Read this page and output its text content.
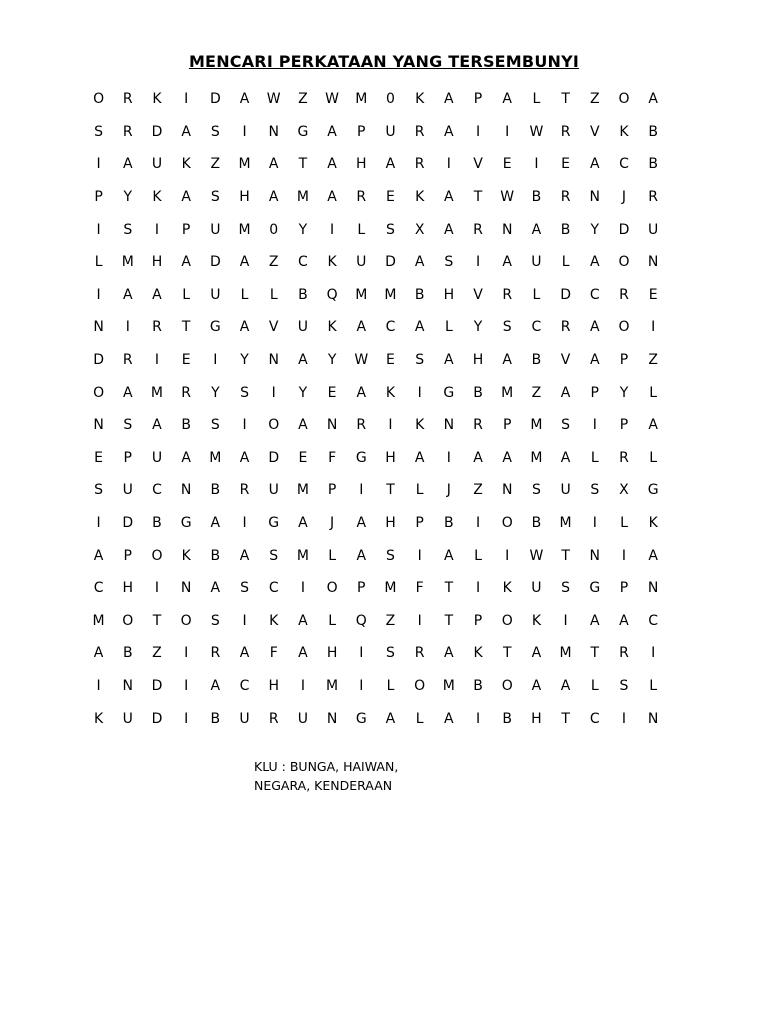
MENCARI PERKATAAN YANG TERSEMBUNYI
O	R	K	I	D	A	W	Z	W	M	0	K	A	P	A	L	T	Z	O	A
S	R	D	A	S	I	N	G	A	P	U	R	A	I	I	W	R	V	K	B
I	A	U	K	Z	M	A	T	A	H	A	R	I	V	E	I	E	A	C	B
P	Y	K	A	S	H	A	M	A	R	E	K	A	T	W	B	R	N	J	R
I	S	I	P	U	M	0	Y	I	L	S	X	A	R	N	A	B	Y	D	U
L	M	H	A	D	A	Z	C	K	U	D	A	S	I	A	U	L	A	O	N
I	A	A	L	U	L	L	B	Q	M	M	B	H	V	R	L	D	C	R	E
N	I	R	T	G	A	V	U	K	A	C	A	L	Y	S	C	R	A	O	I
D	R	I	E	I	Y	N	A	Y	W	E	S	A	H	A	B	V	A	P	Z
O	A	M	R	Y	S	I	Y	E	A	K	I	G	B	M	Z	A	P	Y	L
N	S	A	B	S	I	O	A	N	R	I	K	N	R	P	M	S	I	P	A
E	P	U	A	M	A	D	E	F	G	H	A	I	A	A	M	A	L	R	L
S	U	C	N	B	R	U	M	P	I	T	L	J	Z	N	S	U	S	X	G
I	D	B	G	A	I	G	A	J	A	H	P	B	I	O	B	M	I	L	K
A	P	O	K	B	A	S	M	L	A	S	I	A	L	I	W	T	N	I	A
C	H	I	N	A	S	C	I	O	P	M	F	T	I	K	U	S	G	P	N
M	O	T	O	S	I	K	A	L	Q	Z	I	T	P	O	K	I	A	A	C
A	B	Z	I	R	A	F	A	H	I	S	R	A	K	T	A	M	T	R	I
I	N	D	I	A	C	H	I	M	I	L	O	M	B	O	A	A	L	S	L
K	U	D	I	B	U	R	U	N	G	A	L	A	I	B	H	T	C	I	N
KLU : BUNGA, HAIWAN,
NEGARA, KENDERAAN
